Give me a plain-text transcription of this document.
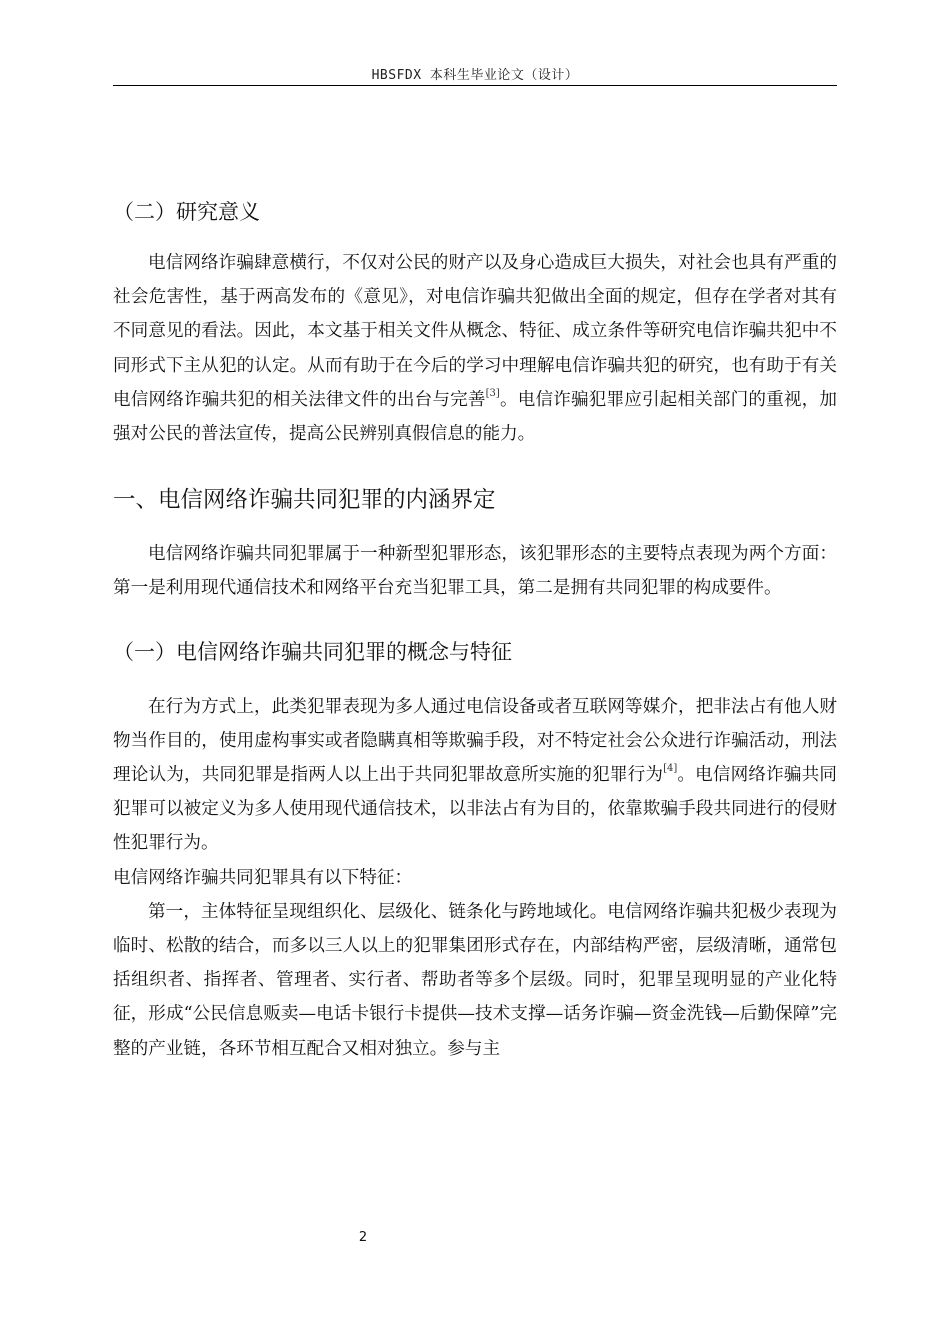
HBSFDX 本科生毕业论文（设计）
（二）研究意义

电信网络诈骗肆意横行，不仅对公民的财产以及身心造成巨大损失，对社会也具有严重的社会危害性，基于两高发布的《意见》，对电信诈骗共犯做出全面的规定，但存在学者对其有不同意见的看法。因此，本文基于相关文件从概念、特征、成立条件等研究电信诈骗共犯中不同形式下主从犯的认定。从而有助于在今后的学习中理解电信诈骗共犯的研究，也有助于有关电信网络诈骗共犯的相关法律文件的出台与完善[3]。电信诈骗犯罪应引起相关部门的重视，加强对公民的普法宣传，提高公民辨别真假信息的能力。

一、电信网络诈骗共同犯罪的内涵界定

电信网络诈骗共同犯罪属于一种新型犯罪形态，该犯罪形态的主要特点表现为两个方面：第一是利用现代通信技术和网络平台充当犯罪工具，第二是拥有共同犯罪的构成要件。

（一）电信网络诈骗共同犯罪的概念与特征

在行为方式上，此类犯罪表现为多人通过电信设备或者互联网等媒介，把非法占有他人财物当作目的，使用虚构事实或者隐瞒真相等欺骗手段，对不特定社会公众进行诈骗活动，刑法理论认为，共同犯罪是指两人以上出于共同犯罪故意所实施的犯罪行为[4]。电信网络诈骗共同犯罪可以被定义为多人使用现代通信技术，以非法占有为目的，依靠欺骗手段共同进行的侵财性犯罪行为。

电信网络诈骗共同犯罪具有以下特征：

第一，主体特征呈现组织化、层级化、链条化与跨地域化。电信网络诈骗共犯极少表现为临时、松散的结合，而多以三人以上的犯罪集团形式存在，内部结构严密，层级清晰，通常包括组织者、指挥者、管理者、实行者、帮助者等多个层级。同时，犯罪呈现明显的产业化特征，形成“公民信息贩卖—电话卡银行卡提供—技术支撑—话务诈骗—资金洗钱—后勤保障”完整的产业链，各环节相互配合又相对独立。参与主

2
